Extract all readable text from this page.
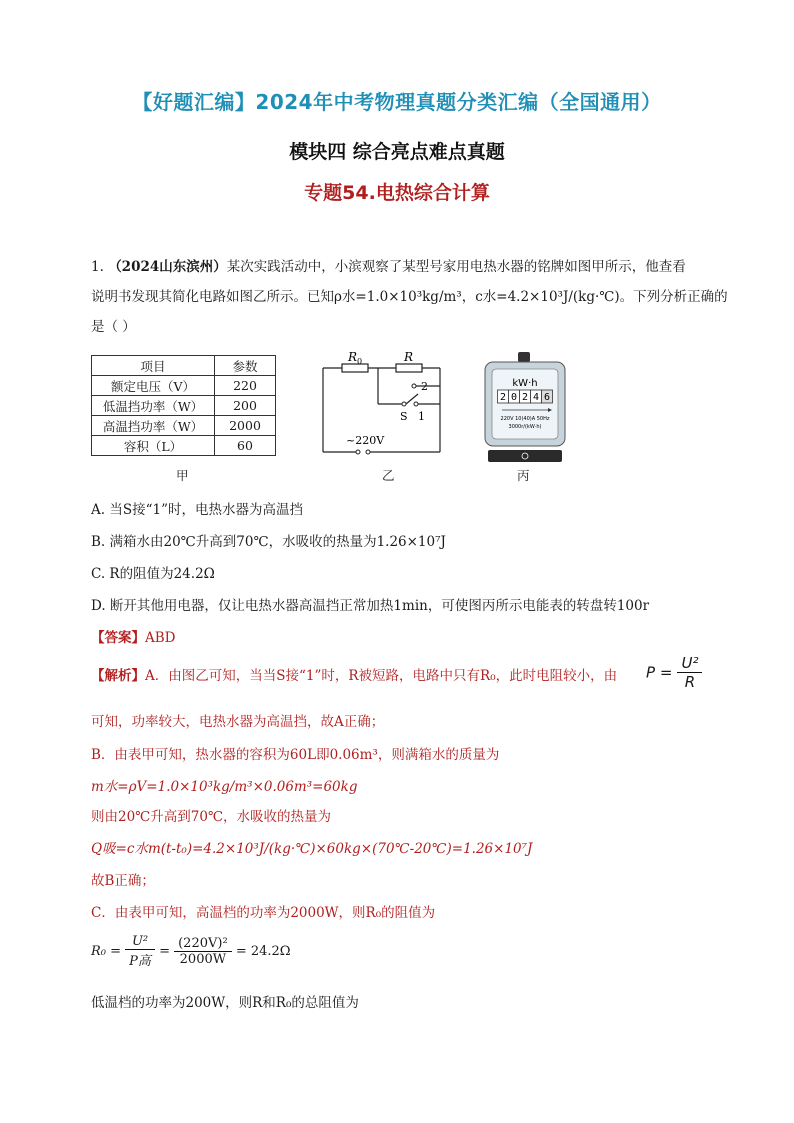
【好题汇编】2024年中考物理真题分类汇编（全国通用）
模块四 综合亮点难点真题
专题54.电热综合计算
1. （2024山东滨州）某次实践活动中，小滨观察了某型号家用电热水器的铭牌如图甲所示，他查看
说明书发现其简化电路如图乙所示。已知ρ水=1.0×10³kg/m³，c水=4.2×10³J/(kg·℃)。下列分析正确的
是（ ）
项目	参数
额定电压（V）	220
低温挡功率（W）	200
高温挡功率（W）	2000
容积（L）	60
甲
$R_0$	R
2
S 1
~220V
乙
kW·h
2 0 2 4 6
220V 10(40)A 50Hz
3000r/(kW·h)
丙
A. 当S接“1”时，电热水器为高温挡
B. 满箱水由20℃升高到70℃，水吸收的热量为1.26×10⁷J
C. R的阻值为24.2Ω
D. 断开其他用电器，仅让电热水器高温挡正常加热1min，可使图丙所示电能表的转盘转100r
【答案】ABD
【解析】A．由图乙可知，当当S接“1”时，R被短路，电路中只有R₀，此时电阻较小，由	$P = \frac{\text{U²}}{R}$
可知，功率较大，电热水器为高温挡，故A正确；
B．由表甲可知，热水器的容积为60L即0.06m³，则满箱水的质量为
m水=ρV=1.0×10³kg/m³×0.06m³=60kg
则由20℃升高到70℃，水吸收的热量为
Q吸=c水m(t-t₀)=4.2×10³J/(kg·℃)×60kg×(70℃-20℃)=1.26×10⁷J
故B正确；
C．由表甲可知，高温档的功率为2000W，则R₀的阻值为
$R_0 = \frac{\text{U²}}{\text{P高}} = \frac{\text{(220V)²}}{2000W} = 24.2\Omega$
低温档的功率为200W，则R和R₀的总阻值为
